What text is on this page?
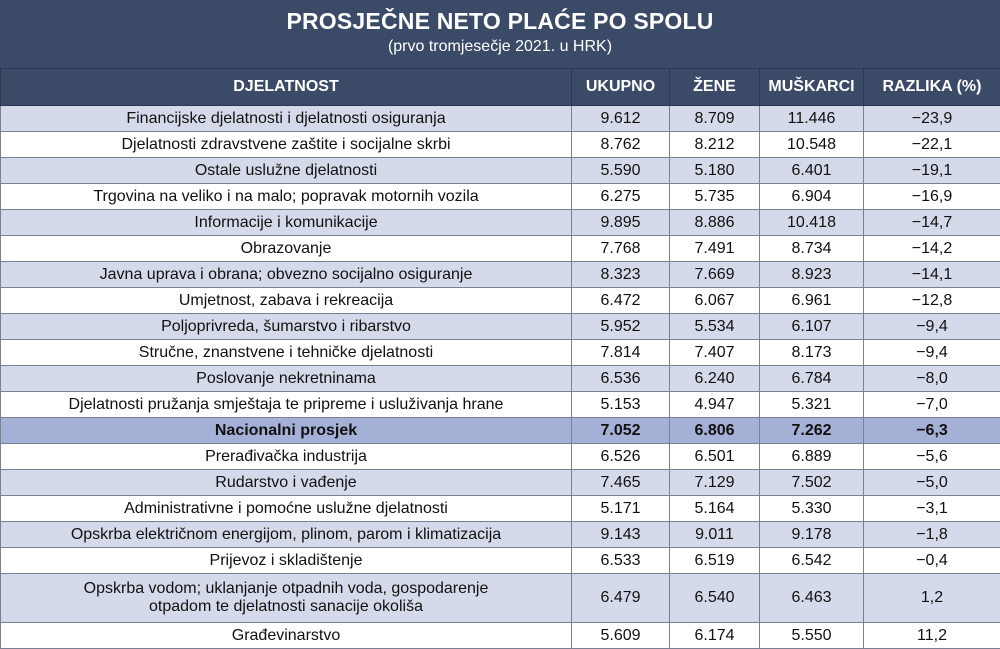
PROSJEČNE NETO PLAĆE PO SPOLU
(prvo tromjesečje 2021. u HRK)
DJELATNOST	UKUPNO	ŽENE	MUŠKARCI	RAZLIKA (%)
Financijske djelatnosti i djelatnosti osiguranja	9.612	8.709	11.446	−23,9
Djelatnosti zdravstvene zaštite i socijalne skrbi	8.762	8.212	10.548	−22,1
Ostale uslužne djelatnosti	5.590	5.180	6.401	−19,1
Trgovina na veliko i na malo; popravak motornih vozila	6.275	5.735	6.904	−16,9
Informacije i komunikacije	9.895	8.886	10.418	−14,7
Obrazovanje	7.768	7.491	8.734	−14,2
Javna uprava i obrana; obvezno socijalno osiguranje	8.323	7.669	8.923	−14,1
Umjetnost, zabava i rekreacija	6.472	6.067	6.961	−12,8
Poljoprivreda, šumarstvo i ribarstvo	5.952	5.534	6.107	−9,4
Stručne, znanstvene i tehničke djelatnosti	7.814	7.407	8.173	−9,4
Poslovanje nekretninama	6.536	6.240	6.784	−8,0
Djelatnosti pružanja smještaja te pripreme i usluživanja hrane	5.153	4.947	5.321	−7,0
Nacionalni prosjek	7.052	6.806	7.262	−6,3
Prerađivačka industrija	6.526	6.501	6.889	−5,6
Rudarstvo i vađenje	7.465	7.129	7.502	−5,0
Administrativne i pomoćne uslužne djelatnosti	5.171	5.164	5.330	−3,1
Opskrba električnom energijom, plinom, parom i klimatizacija	9.143	9.011	9.178	−1,8
Prijevoz i skladištenje	6.533	6.519	6.542	−0,4
Opskrba vodom; uklanjanje otpadnih voda, gospodarenje otpadom te djelatnosti sanacije okoliša	6.479	6.540	6.463	1,2
Građevinarstvo	5.609	6.174	5.550	11,2
